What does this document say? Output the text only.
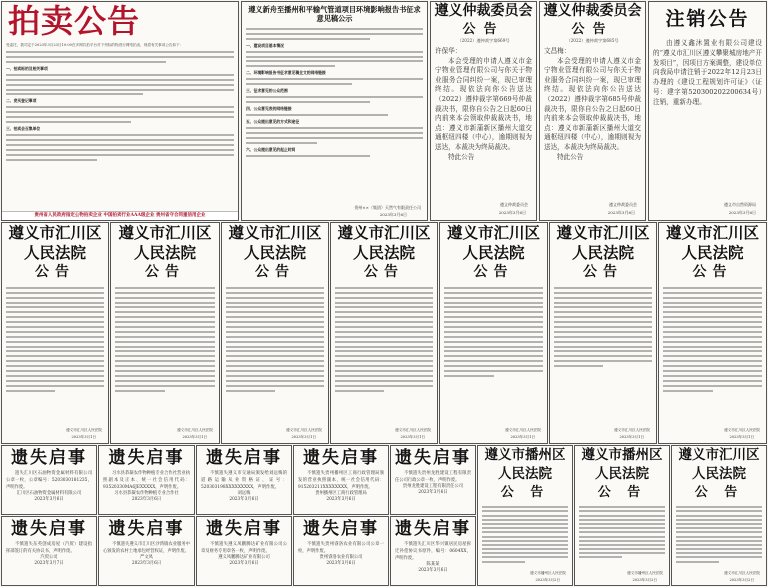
拍卖公告
受委托，我司定于2023年3月23日10:00在多网共拍平台对下列标的物进行网络拍卖，现将有关事项公告如下：
一、拍卖标的及相关事项
二、竞买登记事项
三、拍卖会召集单位
贵州省人民政府指定公物拍卖企业 中国拍卖行业AAA级企业 贵州省守合同重信用企业
遵义新舟至播州和平输气管道项目环境影响报告书征求意见稿公示
一、建设项目基本情况
二、环境影响报告书征求意见稿全文的网络链接
三、征求意见的公众范围
四、公众意见表的网络链接
五、公众提出意见的方式和途径
六、公众提出意见的起止时间
贵州××（集团）天然气有限责任公司
2023年3月6日
遵义仲裁委员会
公告
（2022）遵仲裁字第669号
许保华：
本会受理的申请人遵义市金宁物业管理有限公司与你关于物业服务合同纠纷一案，现已审理终结。现依法向你公告送达（2022）遵仲裁字第669号仲裁裁决书，限你自公告之日起60日内前来本会领取仲裁裁决书，地点：遵义市新蒲新区播州大道交通枢纽四楼（中心），逾期则视为送达，本裁决为终局裁决。
特此公告
遵义仲裁委员会
2023年3月6日
遵义仲裁委员会
公告
（2022）遵仲裁字第685号
文昌梅：
本会受理的申请人遵义市金宁物业管理有限公司与你关于物业服务合同纠纷一案，现已审理终结。现依法向你公告送达（2022）遵仲裁字第685号仲裁裁决书，限你自公告之日起60日内前来本会领取仲裁裁决书，地点：遵义市新蒲新区播州大道交通枢纽四楼（中心），逾期则视为送达，本裁决为终局裁决。
特此公告
遵义仲裁委员会
2023年3月6日
注销公告
由遵义鑫沐置业有限公司建设的“遵义市汇川区遵义攀聚城房地产开发项目”，因项目方案调整，建设单位向我局申请注销于2022年12月23日办理的《建设工程规划许可证》（证号：建字第520300202200634号）注销，重新办理。
遵义市自然资源局
2023年3月6日
遵义市汇川区人民法院
公告
遵义市汇川区人民法院
2023年3月1日
遵义市汇川区人民法院
公告
遵义市汇川区人民法院
2023年3月1日
遵义市汇川区人民法院
公告
遵义市汇川区人民法院
2023年3月1日
遵义市汇川区人民法院
公告
遵义市汇川区人民法院
2023年3月1日
遵义市汇川区人民法院
公告
遵义市汇川区人民法院
2023年3月1日
遵义市汇川区人民法院
公告
遵义市汇川区人民法院
2023年3月1日
遵义市汇川区人民法院
公告
遵义市汇川区人民法院
2023年3月1日
遗失启事
遗失汇川区石油物资金属材料有限公司公章一枚，公章编号：5203030181235，声明作废。
汇川区石油物资金属材料有限公司
2023年3月6日
遗失启事
习水县恭凝农作物种植专业合作社营业执照副本及正本、统一社会信用代码：93520330MA6JEXXXXX，声明作废。
习水县恭凝农作物种植专业合作社
2023年3月6日
遗失启事
不慎遗失遵义市交通局颁发给刘远梅的道路运输从业资格证，证号：520303198XXXXXXXXX，声明作废。
刘远梅
2023年3月6日
遗失启事
不慎遗失贵州播州区工商行政管理局颁发的营业执照副本，统一社会信用代码：915203211XXXXXXXX，声明作废。
贵州播州区工商行政管理局
2023年3月6日
遗失启事
不慎遗失贵州龙胜建设工程有限责任公司行政公章一枚，声明作废。
贵州龙胜建设工程有限责任公司
2023年3月6日
遗失启事
不慎遗失东英创成房屋（汽贸）建设指挥部签订的有关协议书，声明作废。
汽贸公司
2023年3月7日
遗失启事
不慎遗失遵义市汇川区沙湾镇农业服务中心颁发的农村土地承包经营权证，声明作废。
严文凤
2023年3月6日
遗失启事
不慎遗失遵义凤鹏腾达矿业有限公司公章及财务专用章各一枚，声明作废。
遵义凤鹏腾达矿业有限公司
2023年3月6日
遗失启事
不慎遗失贵州睿洛农业有限公司公章一枚，声明作废。
贵州睿洛农业有限公司
2023年3月6日
遗失启事
不慎遗失汇川区华兴镇居民房屋拆迁补偿协议书原件，编号：0604XX，声明作废。
陈某某
2023年3月6日
遵义市播州区人民法院
公 告
遵义市播州区人民法院
2023年3月2日
遵义市播州区人民法院
公 告
遵义市播州区人民法院
2023年3月2日
遵义市汇川区人民法院
公 告
遵义市汇川区人民法院
2023年3月2日
